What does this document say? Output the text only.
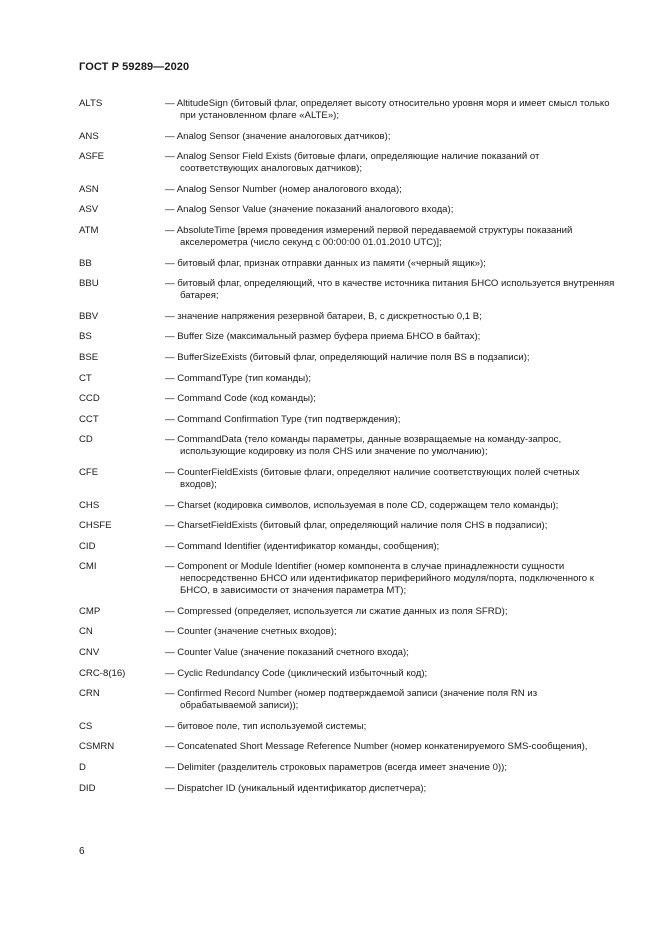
ГОСТ Р 59289—2020
ALTS	— AltitudeSign (битовый флаг, определяет высоту относительно уровня моря и имеет смысл только при установленном флаге «ALTE»);
ANS	— Analog Sensor (значение аналоговых датчиков);
ASFE	— Analog Sensor Field Exists (битовые флаги, определяющие наличие показаний от соответствующих аналоговых датчиков);
ASN	— Analog Sensor Number (номер аналогового входа);
ASV	— Analog Sensor Value (значение показаний аналогового входа);
ATM	— AbsoluteTime [время проведения измерений первой передаваемой структуры показаний акселерометра (число секунд с 00:00:00 01.01.2010 UTC)];
BB	— битовый флаг, признак отправки данных из памяти («черный ящик»);
BBU	— битовый флаг, определяющий, что в качестве источника питания БНСО используется внутренняя батарея;
BBV	— значение напряжения резервной батареи, В, с дискретностью 0,1 В;
BS	— Buffer Size (максимальный размер буфера приема БНСО в байтах);
BSE	— BufferSizeExists (битовый флаг, определяющий наличие поля BS в подзаписи);
CT	— CommandType (тип команды);
CCD	— Command Code (код команды);
CCT	— Command Confirmation Type (тип подтверждения);
CD	— CommandData (тело команды параметры, данные возвращаемые на команду-запрос, использующие кодировку из поля CHS или значение по умолчанию);
CFE	— CounterFieldExists (битовые флаги, определяют наличие соответствующих полей счетных входов);
CHS	— Charset (кодировка символов, используемая в поле CD, содержащем тело команды);
CHSFE	— CharsetFieldExists (битовый флаг, определяющий наличие поля CHS в подзаписи);
CID	— Command Identifier (идентификатор команды, сообщения);
CMI	— Component or Module Identifier (номер компонента в случае принадлежности сущности непосредственно БНСО или идентификатор периферийного модуля/порта, подключенного к БНСО, в зависимости от значения параметра MT);
CMP	— Compressed (определяет, используется ли сжатие данных из поля SFRD);
CN	— Counter (значение счетных входов);
CNV	— Counter Value (значение показаний счетного входа);
CRC-8(16)	— Cyclic Redundancy Code (циклический избыточный код);
CRN	— Confirmed Record Number (номер подтверждаемой записи (значение поля RN из обрабатываемой записи));
CS	— битовое поле, тип используемой системы;
CSMRN	— Concatenated Short Message Reference Number (номер конкатенируемого SMS-сообщения),
D	— Delimiter (разделитель строковых параметров (всегда имеет значение 0));
DID	— Dispatcher ID (уникальный идентификатор диспетчера);
6
